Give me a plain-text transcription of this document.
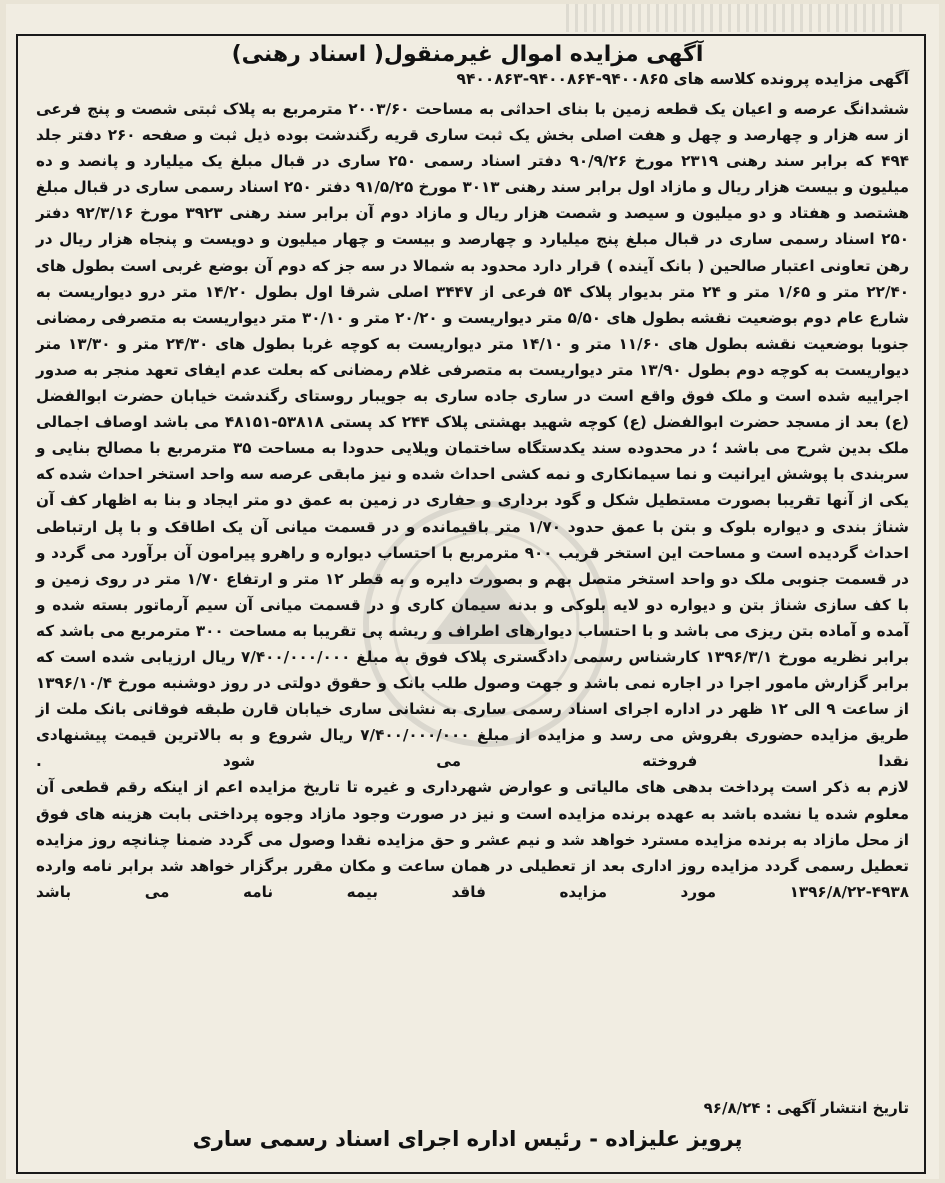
آگهی مزایده اموال غیرمنقول( اسناد رهنی)
آگهی مزایده پرونده کلاسه های ۹۴۰۰۸۶۵-۹۴۰۰۸۶۴-۹۴۰۰۸۶۳

ششدانگ عرصه و اعیان یک قطعه زمین با بنای احداثی به مساحت ۲۰۰۳/۶۰ مترمربع به پلاک ثبتی شصت و پنج فرعی از سه هزار و چهارصد و چهل و هفت اصلی بخش یک ثبت ساری قریه رگندشت بوده ذیل ثبت و صفحه ۲۶۰ دفتر جلد ۴۹۴ که برابر سند رهنی ۲۳۱۹ مورخ ۹۰/۹/۲۶ دفتر اسناد رسمی ۲۵۰ ساری در قبال مبلغ یک میلیارد و پانصد و ده میلیون و بیست هزار ریال و مازاد اول برابر سند رهنی ۳۰۱۳ مورخ ۹۱/۵/۲۵ دفتر ۲۵۰ اسناد رسمی ساری در قبال مبلغ هشتصد و هفتاد و دو میلیون و سیصد و شصت هزار ریال و مازاد دوم آن برابر سند رهنی ۳۹۲۳ مورخ ۹۲/۳/۱۶ دفتر ۲۵۰ اسناد رسمی ساری در قبال مبلغ پنج میلیارد و چهارصد و بیست و چهار میلیون و دویست و پنجاه هزار ریال در رهن تعاونی اعتبار صالحین ( بانک آینده ) قرار دارد محدود به شمالا در سه جز که دوم آن بوضع غربی است بطول های ۲۲/۴۰ متر و ۱/۶۵ متر و ۲۴ متر بدیوار پلاک ۵۴ فرعی از ۳۴۴۷ اصلی شرقا اول بطول ۱۴/۲۰ متر درو دیواریست به شارع عام دوم بوضعیت نقشه بطول های ۵/۵۰ متر دیواریست و ۲۰/۲۰ متر و ۳۰/۱۰ متر دیواریست به متصرفی رمضانی جنوبا بوضعیت نقشه بطول های ۱۱/۶۰ متر و ۱۴/۱۰ متر دیواریست به کوچه غربا بطول های ۲۴/۳۰ متر و ۱۳/۳۰ متر دیواریست به کوچه دوم بطول ۱۳/۹۰ متر دیواریست به متصرفی غلام رمضانی که بعلت عدم ایفای تعهد منجر به صدور اجراییه شده است و ملک فوق واقع است در ساری جاده ساری به جویبار روستای رگندشت خیابان حضرت ابوالفضل (ع) بعد از مسجد حضرت ابوالفضل (ع) کوچه شهید بهشتی پلاک ۲۴۴ کد پستی ۵۳۸۱۸-۴۸۱۵۱ می باشد اوصاف اجمالی ملک بدین شرح می باشد ؛ در محدوده سند یکدستگاه ساختمان ویلایی حدودا به مساحت ۳۵ مترمربع با مصالح بنایی و سربندی با پوشش ایرانیت و نما سیمانکاری و نمه کشی احداث شده و نیز مابقی عرصه سه واحد استخر احداث شده که یکی از آنها تقریبا بصورت مستطیل شکل و گود برداری و حفاری در زمین به عمق دو متر ایجاد و بنا به اظهار کف آن شناژ بندی و دیواره بلوک و بتن با عمق حدود ۱/۷۰ متر باقیمانده و در قسمت میانی آن یک اطاقک و با پل ارتباطی احداث گردیده است و مساحت این استخر قریب ۹۰۰ مترمربع با احتساب دیواره و راهرو پیرامون آن برآورد می گردد و در قسمت جنوبی ملک دو واحد استخر متصل بهم و بصورت دایره و به قطر ۱۲ متر و ارتفاع ۱/۷۰ متر در روی زمین و با کف سازی شناژ بتن و دیواره دو لایه بلوکی و بدنه سیمان کاری و در قسمت میانی آن سیم آرماتور بسته شده و آمده و آماده بتن ریزی می باشد و با احتساب دیوارهای اطراف و ریشه پی تقریبا به مساحت ۳۰۰ مترمربع می باشد که برابر نظریه مورخ ۱۳۹۶/۳/۱ کارشناس رسمی دادگستری پلاک فوق به مبلغ ۷/۴۰۰/۰۰۰/۰۰۰ ریال ارزیابی شده است که برابر گزارش مامور اجرا در اجاره نمی باشد و جهت وصول طلب بانک و حقوق دولتی در روز دوشنبه مورخ ۱۳۹۶/۱۰/۴ از ساعت ۹ الی ۱۲ ظهر در اداره اجرای اسناد رسمی ساری به نشانی ساری خیابان قارن طبقه فوقانی بانک ملت از طریق مزایده حضوری بفروش می رسد و مزایده از مبلغ ۷/۴۰۰/۰۰۰/۰۰۰ ریال شروع و به بالاترین قیمت پیشنهادی نقدا فروخته می شود .

لازم به ذکر است پرداخت بدهی های مالیاتی و عوارض شهرداری و غیره تا تاریخ مزایده اعم از اینکه رقم قطعی آن معلوم شده یا نشده باشد به عهده برنده مزایده است و نیز در صورت وجود مازاد وجوه پرداختی بابت هزینه های فوق از محل مازاد به برنده مزایده مسترد خواهد شد و نیم عشر و حق مزایده نقدا وصول می گردد ضمنا چنانچه روز مزایده تعطیل رسمی گردد مزایده روز اداری بعد از تعطیلی در همان ساعت و مکان مقرر برگزار خواهد شد برابر نامه وارده ۴۹۳۸-۱۳۹۶/۸/۲۲ مورد مزایده فاقد بیمه نامه می باشد

تاریخ انتشار آگهی : ۹۶/۸/۲۴
پرویز علیزاده - رئیس اداره اجرای اسناد رسمی ساری
